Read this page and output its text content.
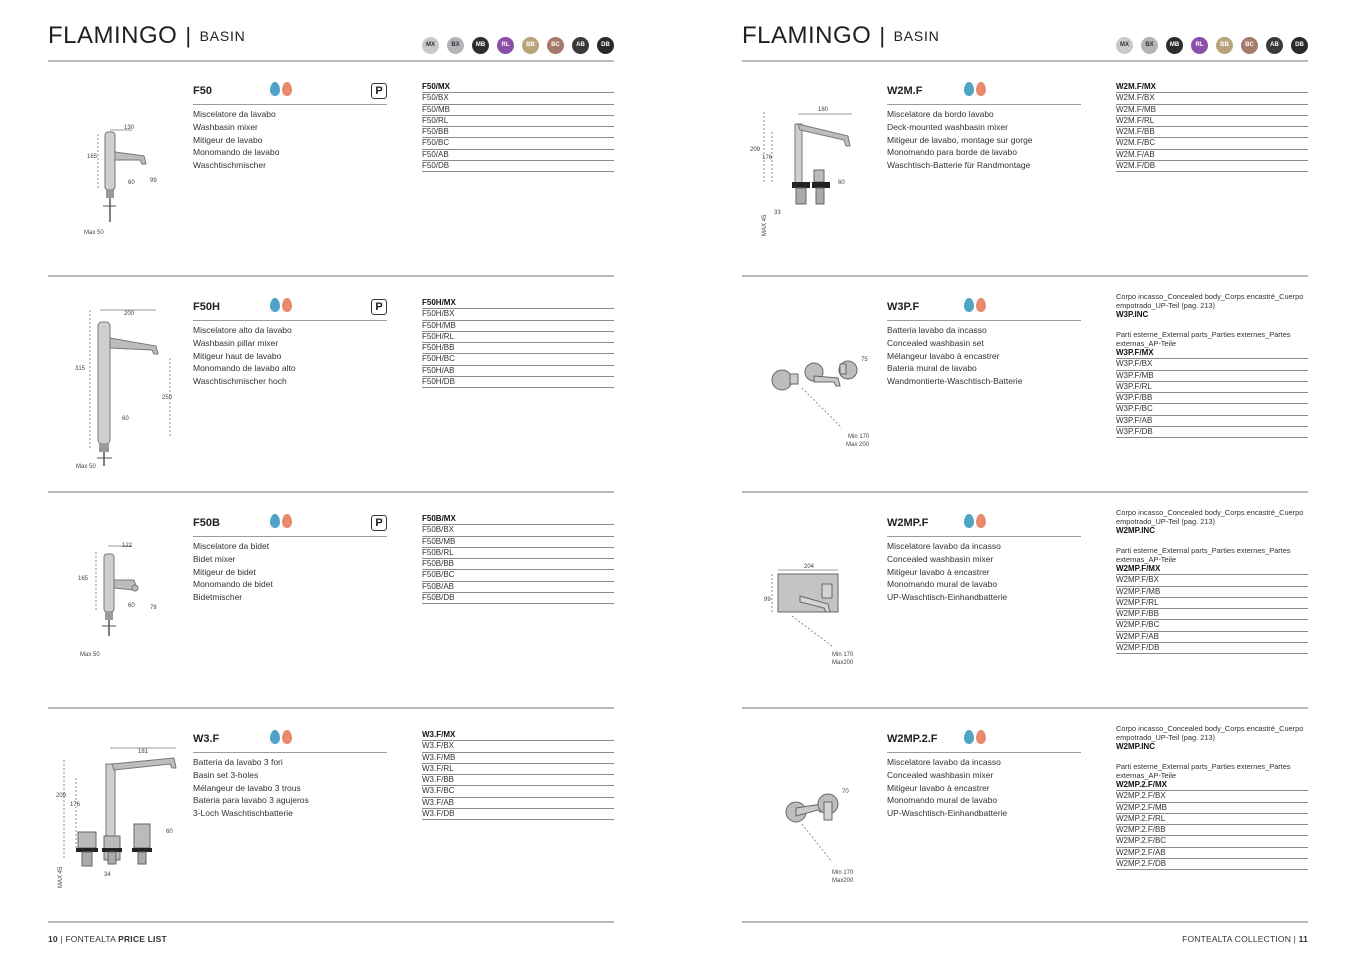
FLAMINGO | BASIN
MX	BX	MB	RL	BB	BC	AB	DB
130
165
60	99
Max 50
F50	P
Miscelatore da lavabo
Washbasin mixer
Mitigeur de lavabo
Monomando de lavabo
Waschtischmischer
F50/MX
F50/BX
F50/MB
F50/RL
F50/BB
F50/BC
F50/AB
F50/DB
200
315
60
250
Max 50
F50H	P
Miscelatore alto da lavabo
Washbasin pillar mixer
Mitigeur haut de lavabo
Monomando de lavabo alto
Waschtischmischer hoch
F50H/MX
F50H/BX
F50H/MB
F50H/RL
F50H/BB
F50H/BC
F50H/AB
F50H/DB
122
165
60	78
Max 50
F50B	P
Miscelatore da bidet
Bidet mixer
Mitigeur de bidet
Monomando de bidet
Bidetmischer
F50B/MX
F50B/BX
F50B/MB
F50B/RL
F50B/BB
F50B/BC
F50B/AB
F50B/DB
181
209
176
60
34
MAX 45
W3.F
Batteria da lavabo 3 fori
Basin set 3-holes
Mélangeur de lavabo 3 trous
Bateria para lavabo 3 agujeros
3-Loch Waschtischbatterie
W3.F/MX
W3.F/BX
W3.F/MB
W3.F/RL
W3.F/BB
W3.F/BC
W3.F/AB
W3.F/DB
10 | FONTEALTA PRICE LIST
FLAMINGO | BASIN
MX	BX	MB	RL	BB	BC	AB	DB
180
209
176
60
33
MAX 45
W2M.F
Miscelatore da bordo lavabo
Deck-mounted washbasin mixer
Mitigeur de lavabo, montage sur gorge
Monomando para borde de lavabo
Waschtisch-Batterie für Randmontage
W2M.F/MX
W2M.F/BX
W2M.F/MB
W2M.F/RL
W2M.F/BB
W2M.F/BC
W2M.F/AB
W2M.F/DB
75
Min 170
Max 200
W3P.F
Batteria lavabo da incasso
Concealed washbasin set
Mélangeur lavabo à encastrer
Bateria mural de lavabo
Wandmontierte-Waschtisch-Batterie
Corpo incasso_Concealed body_Corps encastré_Cuerpo empotrado_UP-Teil (pag. 213)
W3P.INC
Parti esterne_External parts_Parties externes_Partes externas_AP-Teile
W3P.F/MX
W3P.F/BX
W3P.F/MB
W3P.F/RL
W3P.F/BB
W3P.F/BC
W3P.F/AB
W3P.F/DB
204
99
Min 170
Max200
W2MP.F
Miscelatore lavabo da incasso
Concealed washbasin mixer
Mitigeur lavabo à encastrer
Monomando mural de lavabo
UP-Waschtisch-Einhandbatterie
Corpo incasso_Concealed body_Corps encastré_Cuerpo empotrado_UP-Teil (pag. 213)
W2MP.INC
Parti esterne_External parts_Parties externes_Partes externas_AP-Teile
W2MP.F/MX
W2MP.F/BX
W2MP.F/MB
W2MP.F/RL
W2MP.F/BB
W2MP.F/BC
W2MP.F/AB
W2MP.F/DB
70
Min 170
Max200
W2MP.2.F
Miscelatore lavabo da incasso
Concealed washbasin mixer
Mitigeur lavabo à encastrer
Monomando mural de lavabo
UP-Waschtisch-Einhandbatterie
Corpo incasso_Concealed body_Corps encastré_Cuerpo empotrado_UP-Teil (pag. 213)
W2MP.INC
Parti esterne_External parts_Parties externes_Partes externas_AP-Teile
W2MP.2.F/MX
W2MP.2.F/BX
W2MP.2.F/MB
W2MP.2.F/RL
W2MP.2.F/BB
W2MP.2.F/BC
W2MP.2.F/AB
W2MP.2.F/DB
FONTEALTA COLLECTION | 11
